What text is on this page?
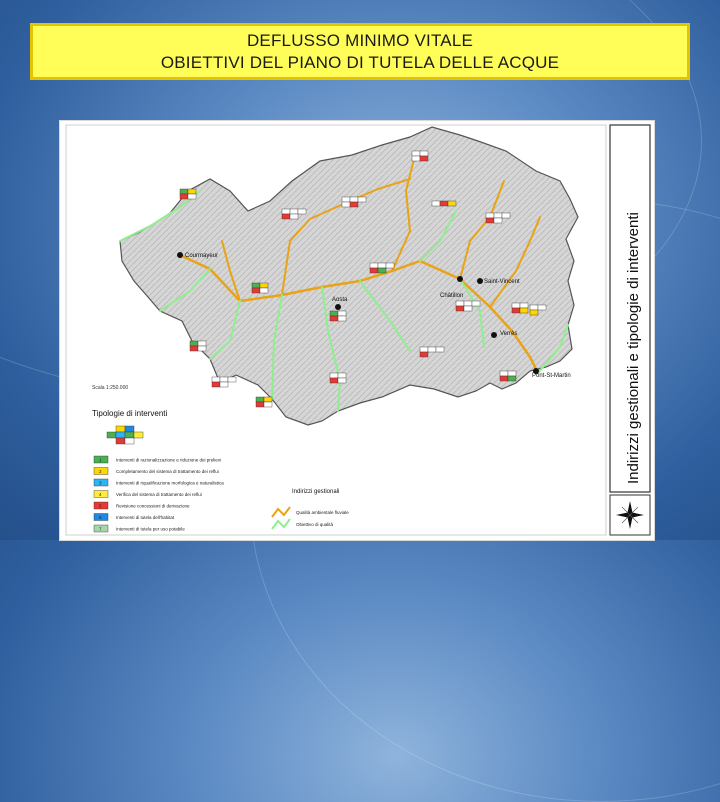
DEFLUSSO MINIMO VITALE
OBIETTIVI DEL PIANO DI TUTELA DELLE ACQUE
Courmayeur
Aosta
Châtillon
Saint-Vincent
Verrès
Pont-St-Martin
Scala 1:250.000
Tipologie di interventi
1	Interventi di razionalizzazione e riduzione dei prelievi
2	Completamento del sistema di trattamento dei reflui
3	Interventi di riqualificazione morfologica e naturalistica
4	Verifica del sistema di trattamento dei reflui
5	Revisione concessioni di derivazione
6	Interventi di tutela dell'habitat
7	Interventi di tutela per uso potabile
Indirizzi gestionali
Qualità ambientale fluviale
Obiettivo di qualità
Indirizzi gestionali e tipologie di interventi
